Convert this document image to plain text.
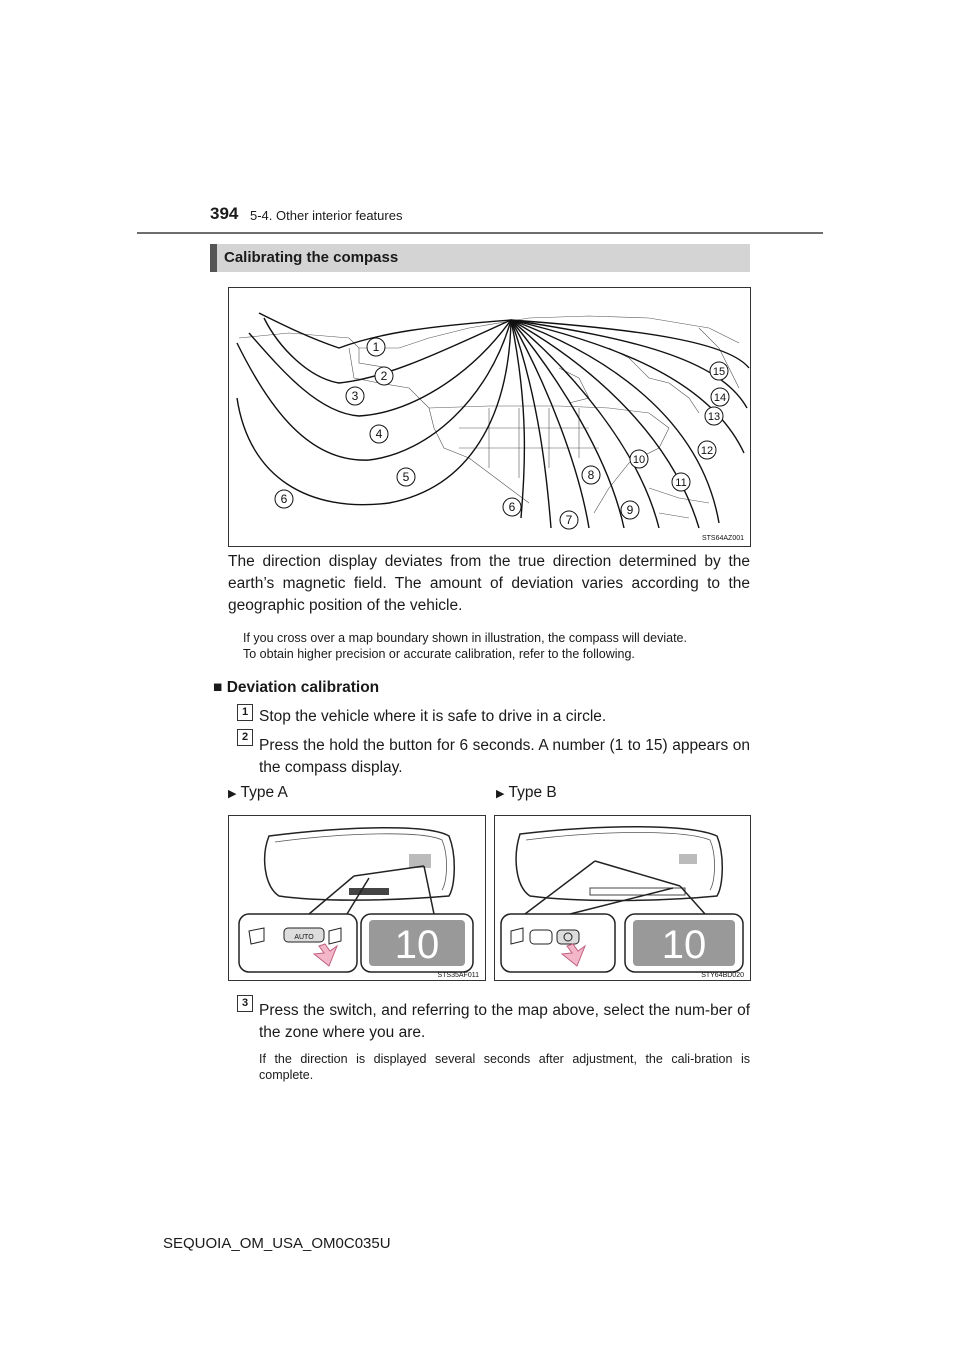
394 5-4. Other interior features
Calibrating the compass
1
2
3
4
5
6
6
7
8
9
10
11
12
13
14
15
STS64AZ001
The direction display deviates from the true direction determined by the earth’s magnetic field. The amount of deviation varies according to the geographic position of the vehicle.
If you cross over a map boundary shown in illustration, the compass will deviate.
To obtain higher precision or accurate calibration, refer to the following.
■ Deviation calibration
1 Stop the vehicle where it is safe to drive in a circle.
2 Press the hold the button for 6 seconds. A number (1 to 15) appears on the compass display.
▶ Type A	▶ Type B
AUTO 10
STS35AF011
10
STY64BD020
3 Press the switch, and referring to the map above, select the num-ber of the zone where you are.
If the direction is displayed several seconds after adjustment, the cali-bration is complete.
SEQUOIA_OM_USA_OM0C035U
